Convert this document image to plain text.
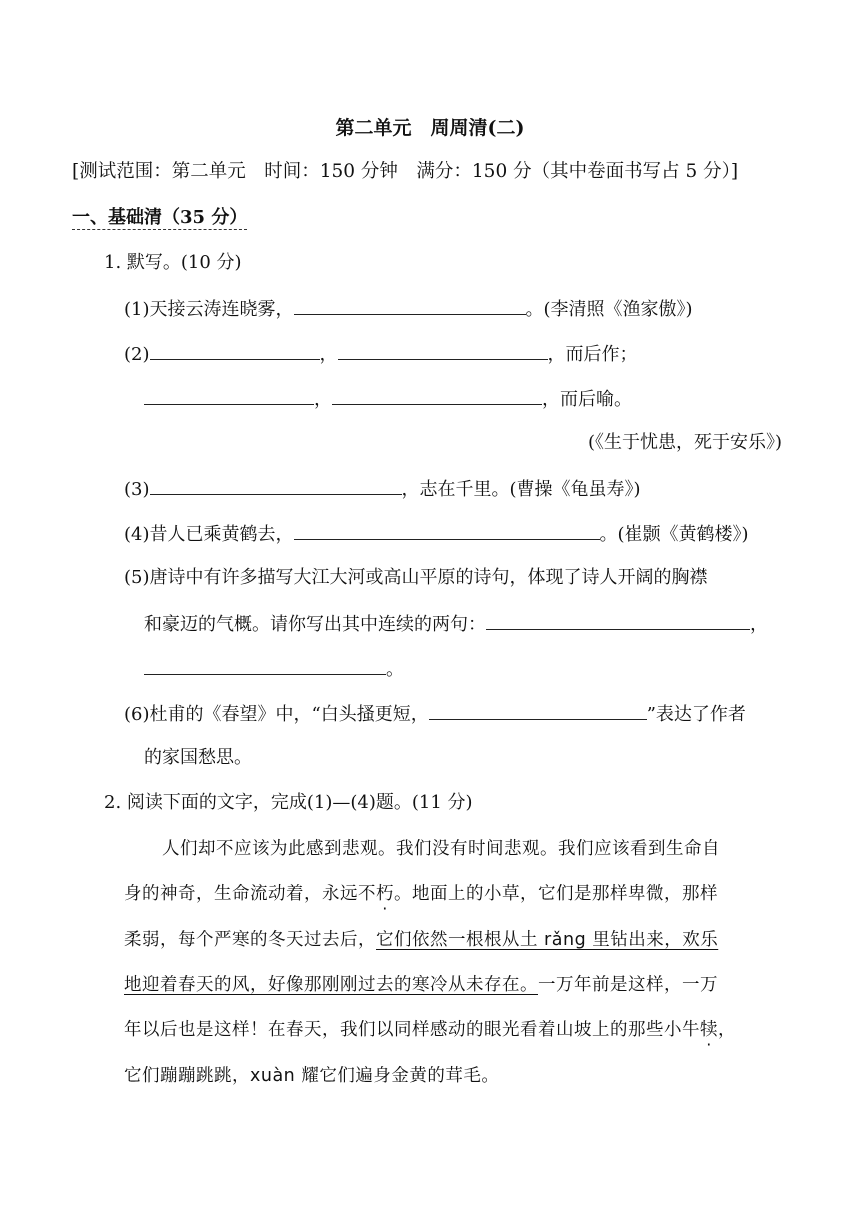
第二单元　周周清(二)
[测试范围：第二单元　时间：150 分钟　满分：150 分（其中卷面书写占 5 分）]
一、基础清（35 分）
1. 默写。(10 分)
(1)天接云涛连晓雾，	。(李清照《渔家傲》)
(2)	，	，而后作；
，	，而后喻。
(《生于忧患，死于安乐》)
(3)	，志在千里。(曹操《龟虽寿》)
(4)昔人已乘黄鹤去，	。(崔颢《黄鹤楼》)
(5)唐诗中有许多描写大江大河或高山平原的诗句，体现了诗人开阔的胸襟
和豪迈的气概。请你写出其中连续的两句：	，
。
(6)杜甫的《春望》中，“白头搔更短，	”表达了作者
的家国愁思。
2. 阅读下面的文字，完成(1)—(4)题。(11 分)
人们却不应该为此感到悲观。我们没有时间悲观。我们应该看到生命自
身的神奇，生命流动着，永远不朽。地面上的小草，它们是那样卑微，那样
柔弱，每个严寒的冬天过去后，它们依然一根根从土 rǎng 里钻出来，欢乐
地迎着春天的风，好像那刚刚过去的寒冷从未存在。一万年前是这样，一万
年以后也是这样！在春天，我们以同样感动的眼光看着山坡上的那些小牛犊，
它们蹦蹦跳跳，xuàn 耀它们遍身金黄的茸毛。
